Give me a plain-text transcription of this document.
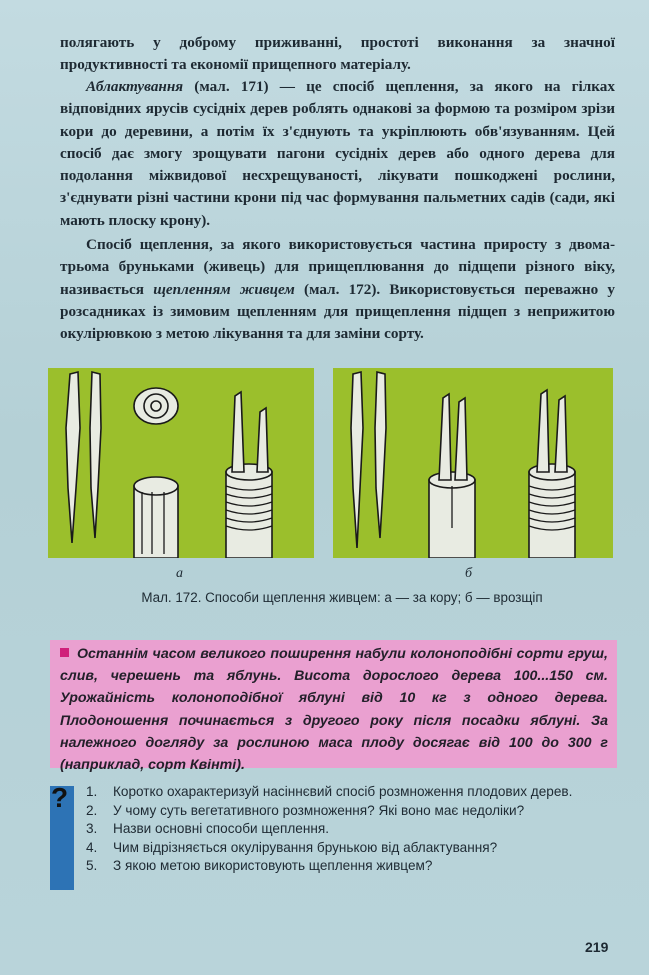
полягають у доброму приживанні, простоті виконання за значної продуктивності та економії прищепного матеріалу.

Аблактування (мал. 171) — це спосіб щеплення, за якого на гілках відповідних ярусів сусідніх дерев роблять однакові за формою та розміром зрізи кори до деревини, а потім їх з'єднують та укріплюють обв'язуванням. Цей спосіб дає змогу зрощувати пагони сусідніх дерев або одного дерева для подолання міжвидової несхрещуваності, лікувати пошкоджені рослини, з'єднувати різні частини крони під час формування пальметних садів (сади, які мають плоску крону).

Спосіб щеплення, за якого використовується частина приросту з двома-трьома бруньками (живець) для прищеплювання до підщепи різного віку, називається щепленням живцем (мал. 172). Використовується переважно у розсадниках із зимовим щепленням для прищеплення підщеп з неприжитою окулірювкою з метою лікування та для заміни сорту.

а	б
Мал. 172. Способи щеплення живцем: а — за кору; б — врозщіп

Останнім часом великого поширення набули колоноподібні сорти груш, слив, черешень та яблунь. Висота дорослого дерева 100...150 см. Урожайність колоноподібної яблуні від 10 кг з одного дерева. Плодоношення починається з другого року після посадки яблуні. За належного догляду за рослиною маса плоду досягає від 100 до 300 г (наприклад, сорт Квінті).

? 1. Коротко охарактеризуй насіннєвий спосіб розмноження плодових дерев.
2. У чому суть вегетативного розмноження? Які воно має недоліки?
3. Назви основні способи щеплення.
4. Чим відрізняється окулірування брунькою від аблактування?
5. З якою метою використовують щеплення живцем?
219
